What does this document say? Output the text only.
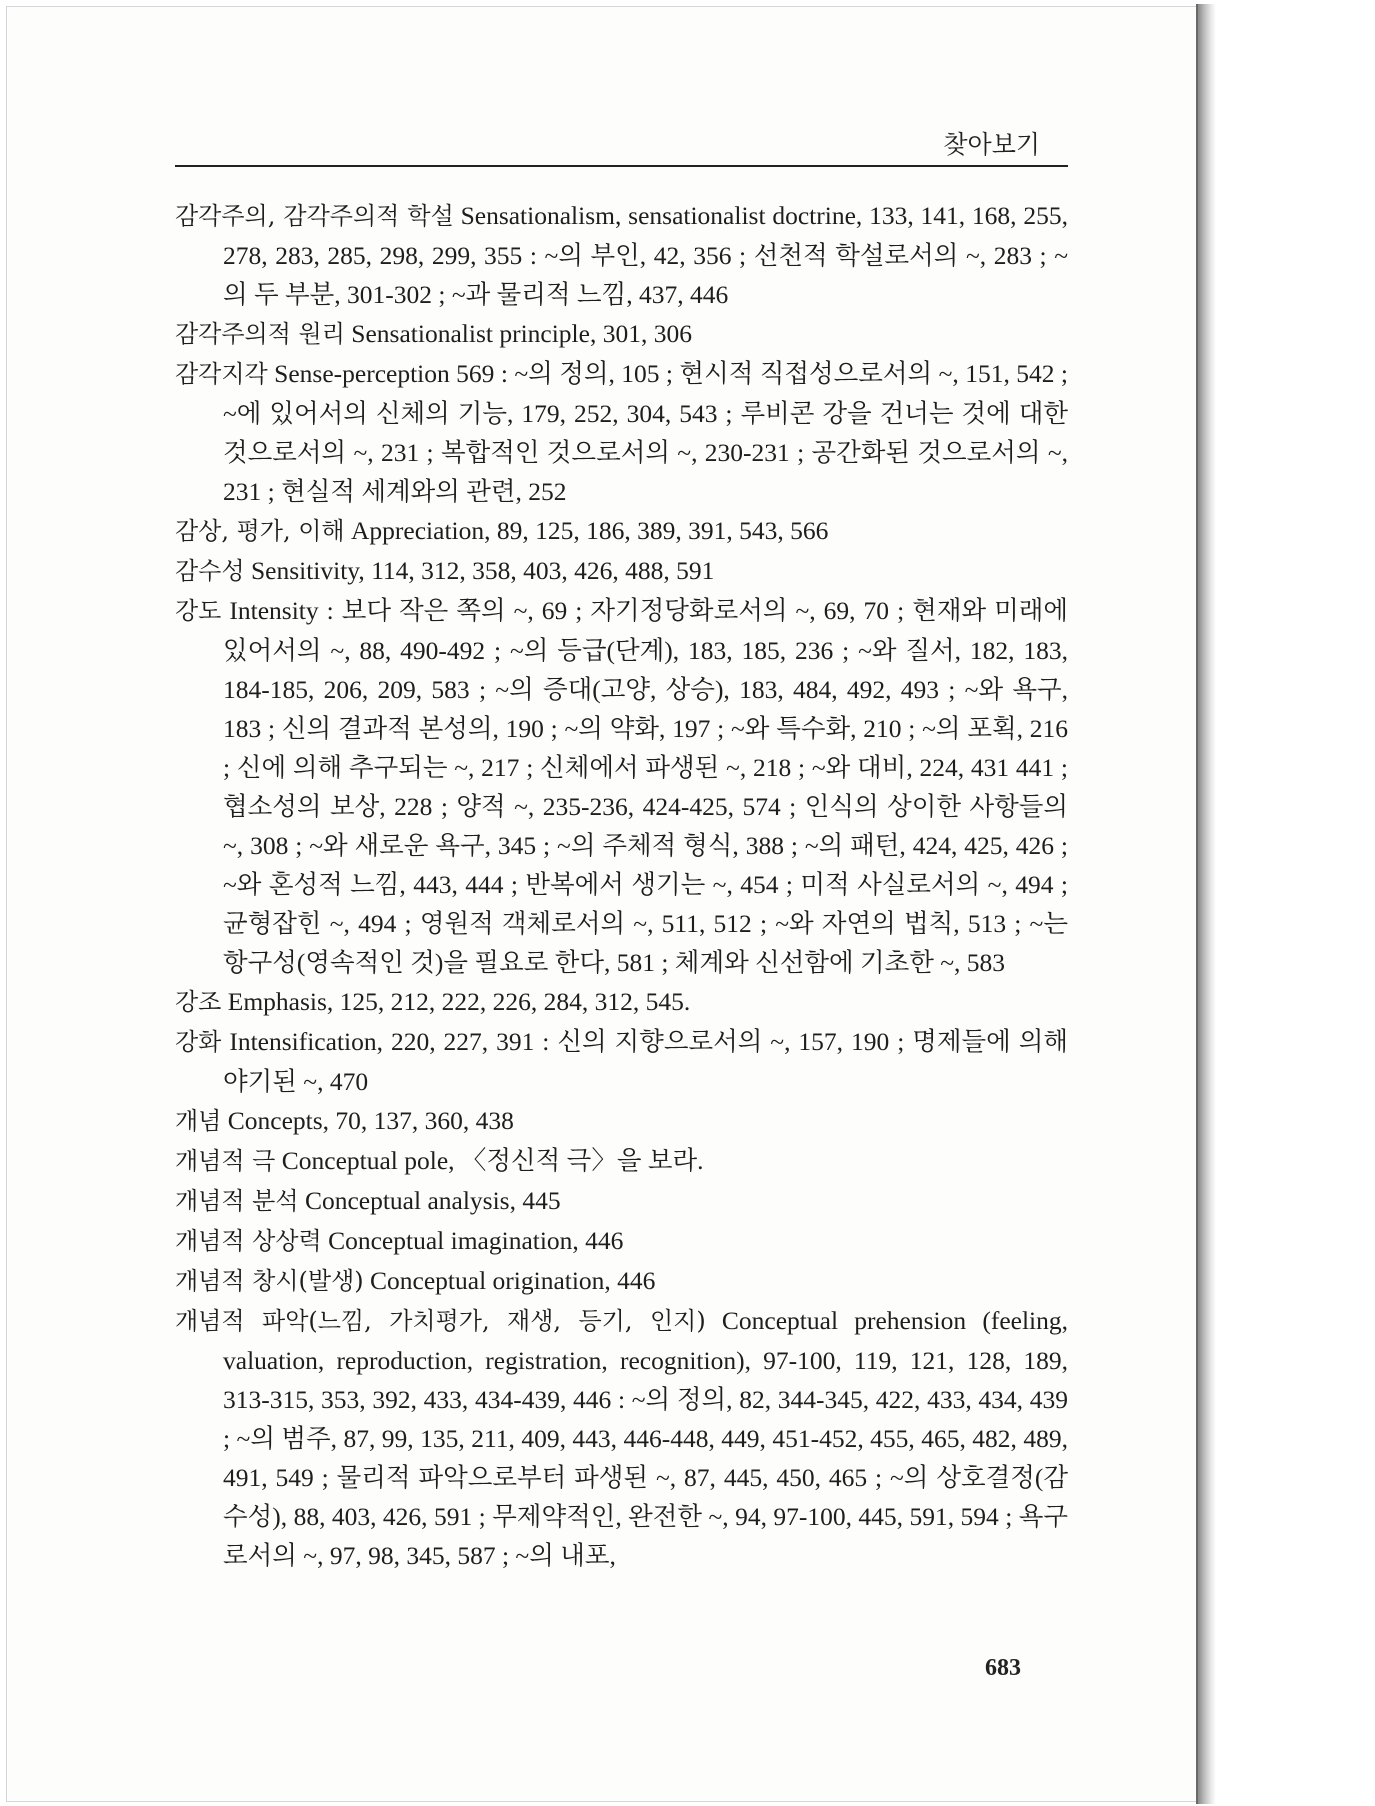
찾아보기

감각주의, 감각주의적 학설 Sensationalism, sensationalist doctrine, 133, 141, 168, 255, 278, 283, 285, 298, 299, 355 : ~의 부인, 42, 356 ; 선천적 학설로서의 ~, 283 ; ~의 두 부분, 301-302 ; ~과 물리적 느낌, 437, 446

감각주의적 원리 Sensationalist principle, 301, 306

감각지각 Sense-perception 569 : ~의 정의, 105 ; 현시적 직접성으로서의 ~, 151, 542 ; ~에 있어서의 신체의 기능, 179, 252, 304, 543 ; 루비콘 강을 건너는 것에 대한 것으로서의 ~, 231 ; 복합적인 것으로서의 ~, 230-231 ; 공간화된 것으로서의 ~, 231 ; 현실적 세계와의 관련, 252

감상, 평가, 이해 Appreciation, 89, 125, 186, 389, 391, 543, 566

감수성 Sensitivity, 114, 312, 358, 403, 426, 488, 591

강도 Intensity : 보다 작은 쪽의 ~, 69 ; 자기정당화로서의 ~, 69, 70 ; 현재와 미래에 있어서의 ~, 88, 490-492 ; ~의 등급(단계), 183, 185, 236 ; ~와 질서, 182, 183, 184-185, 206, 209, 583 ; ~의 증대(고양, 상승), 183, 484, 492, 493 ; ~와 욕구, 183 ; 신의 결과적 본성의, 190 ; ~의 약화, 197 ; ~와 특수화, 210 ; ~의 포획, 216 ; 신에 의해 추구되는 ~, 217 ; 신체에서 파생된 ~, 218 ; ~와 대비, 224, 431 441 ; 협소성의 보상, 228 ; 양적 ~, 235-236, 424-425, 574 ; 인식의 상이한 사항들의 ~, 308 ; ~와 새로운 욕구, 345 ; ~의 주체적 형식, 388 ; ~의 패턴, 424, 425, 426 ; ~와 혼성적 느낌, 443, 444 ; 반복에서 생기는 ~, 454 ; 미적 사실로서의 ~, 494 ; 균형잡힌 ~, 494 ; 영원적 객체로서의 ~, 511, 512 ; ~와 자연의 법칙, 513 ; ~는 항구성(영속적인 것)을 필요로 한다, 581 ; 체계와 신선함에 기초한 ~, 583

강조 Emphasis, 125, 212, 222, 226, 284, 312, 545.

강화 Intensification, 220, 227, 391 : 신의 지향으로서의 ~, 157, 190 ; 명제들에 의해 야기된 ~, 470

개념 Concepts, 70, 137, 360, 438

개념적 극 Conceptual pole, 〈정신적 극〉을 보라.

개념적 분석 Conceptual analysis, 445

개념적 상상력 Conceptual imagination, 446

개념적 창시(발생) Conceptual origination, 446

개념적 파악(느낌, 가치평가, 재생, 등기, 인지) Conceptual prehension (feeling, valuation, reproduction, registration, recognition), 97-100, 119, 121, 128, 189, 313-315, 353, 392, 433, 434-439, 446 : ~의 정의, 82, 344-345, 422, 433, 434, 439 ; ~의 범주, 87, 99, 135, 211, 409, 443, 446-448, 449, 451-452, 455, 465, 482, 489, 491, 549 ; 물리적 파악으로부터 파생된 ~, 87, 445, 450, 465 ; ~의 상호결정(감수성), 88, 403, 426, 591 ; 무제약적인, 완전한 ~, 94, 97-100, 445, 591, 594 ; 욕구로서의 ~, 97, 98, 345, 587 ; ~의 내포,

683
